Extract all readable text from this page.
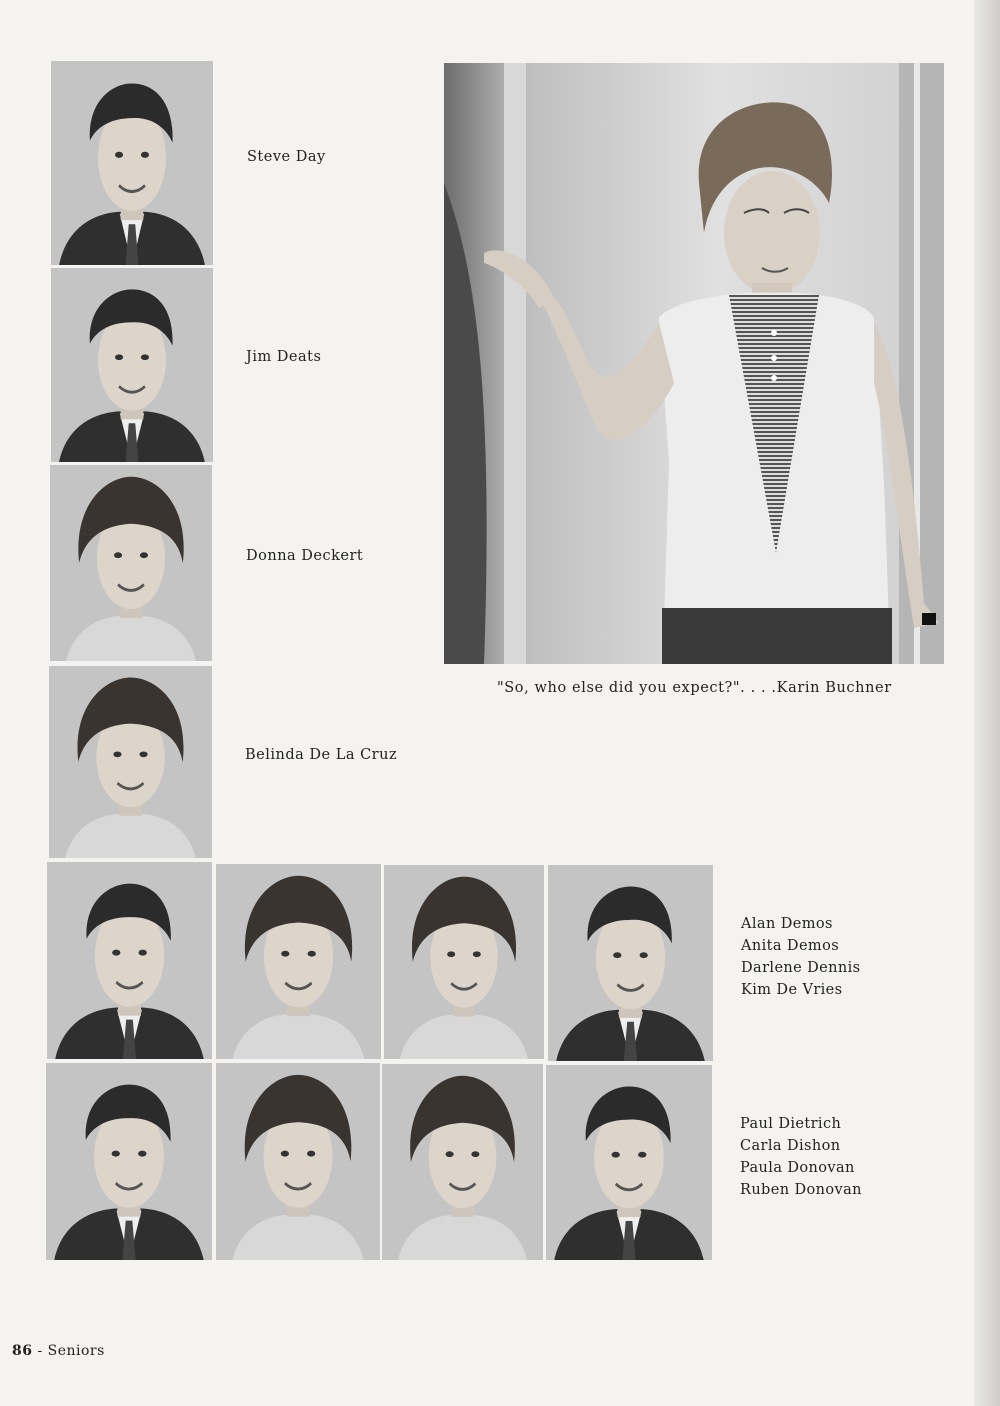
Steve Day
Jim Deats
Donna Deckert
Belinda De La Cruz
"So, who else did you expect?". . . .Karin Buchner
Alan Demos
Anita Demos
Darlene Dennis
Kim De Vries
Paul Dietrich
Carla Dishon
Paula Donovan
Ruben Donovan
86 - Seniors
